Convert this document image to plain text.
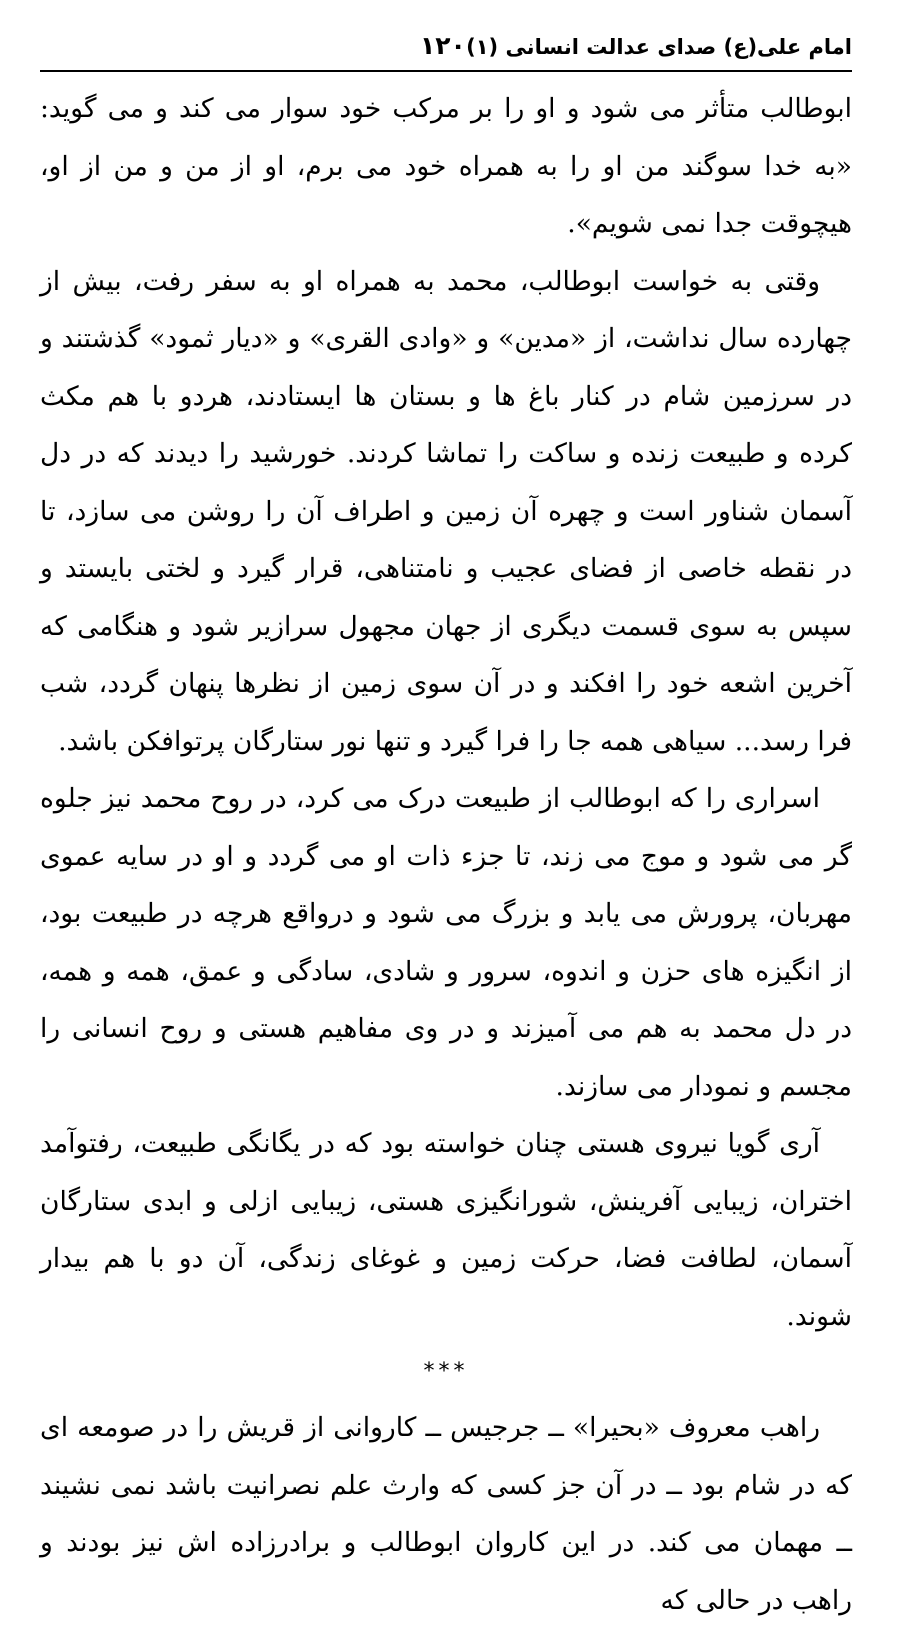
امام علی(ع) صدای عدالت انسانی (۱)
۱۲۰

ابوطالب متأثر می شود و او را بر مرکب خود سوار می کند و می گوید: «به خدا سوگند من او را به همراه خود می برم، او از من و من از او، هیچوقت جدا نمی شویم».

وقتی به خواست ابوطالب، محمد به همراه او به سفر رفت، بیش از چهارده سال نداشت، از «مدین» و «وادی القری» و «دیار ثمود» گذشتند و در سرزمین شام در کنار باغ ها و بستان ها ایستادند، هردو با هم مکث کرده و طبیعت زنده و ساکت را تماشا کردند. خورشید را دیدند که در دل آسمان شناور است و چهره آن زمین و اطراف آن را روشن می سازد، تا در نقطه خاصی از فضای عجیب و نامتناهی، قرار گیرد و لختی بایستد و سپس به سوی قسمت دیگری از جهان مجهول سرازیر شود و هنگامی که آخرین اشعه خود را افکند و در آن سوی زمین از نظرها پنهان گردد، شب فرا رسد... سیاهی همه جا را فرا گیرد و تنها نور ستارگان پرتوافکن باشد.

اسراری را که ابوطالب از طبیعت درک می کرد، در روح محمد نیز جلوه گر می شود و موج می زند، تا جزء ذات او می گردد و او در سایه عموی مهربان، پرورش می یابد و بزرگ می شود و درواقع هرچه در طبیعت بود، از انگیزه های حزن و اندوه، سرور و شادی، سادگی و عمق، همه و همه، در دل محمد به هم می آمیزند و در وی مفاهیم هستی و روح انسانی را مجسم و نمودار می سازند.

آری گویا نیروی هستی چنان خواسته بود که در یگانگی طبیعت، رفتوآمد اختران، زیبایی آفرینش، شورانگیزی هستی، زیبایی ازلی و ابدی ستارگان آسمان، لطافت فضا، حرکت زمین و غوغای زندگی، آن دو با هم بیدار شوند.

***

راهب معروف «بحیرا» ــ جرجیس ــ کاروانی از قریش را در صومعه ای که در شام بود ــ در آن جز کسی که وارث علم نصرانیت باشد نمی نشیند ــ مهمان می کند. در این کاروان ابوطالب و برادرزاده اش نیز بودند و راهب در حالی که
